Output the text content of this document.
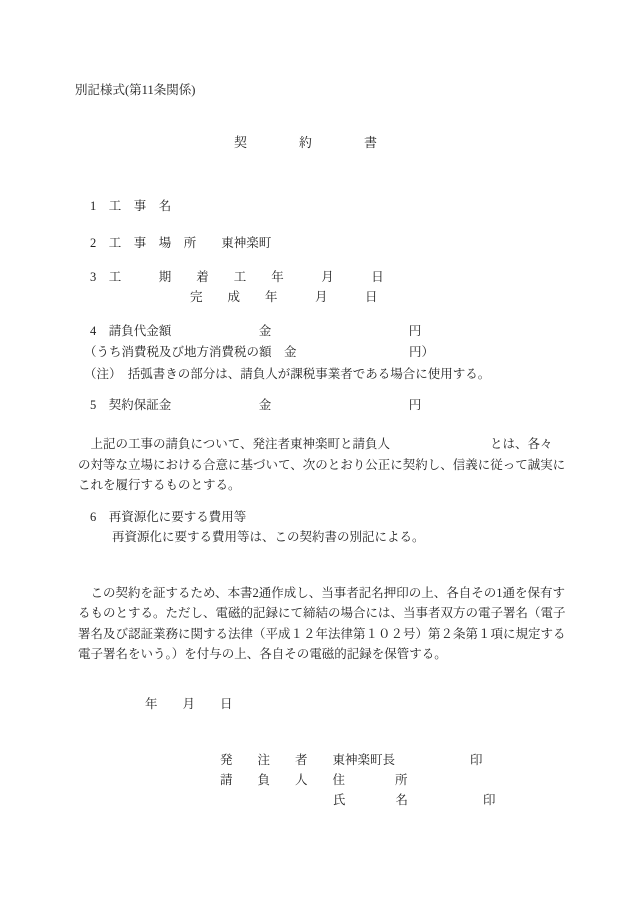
別記様式(第11条関係)
契　　　　約　　　　書
1　工　事　名
2　工　事　場　所　　東神楽町
3　工　　　期　　着　　工　　年　　　月　　　日
　　　　　　　　完　　成　　年　　　月　　　日
4　請負代金額　　　　　　　金　　　　　　　　　　　円
（うち消費税及び地方消費税の額　金　　　　　　　　　円）
（注）　括弧書きの部分は、請負人が課税事業者である場合に使用する。
5　契約保証金　　　　　　　金　　　　　　　　　　　円
　上記の工事の請負について、発注者東神楽町と請負人　　　　　　　　とは、各々
の対等な立場における合意に基づいて、次のとおり公正に契約し、信義に従って誠実に
これを履行するものとする。
6　再資源化に要する費用等
再資源化に要する費用等は、この契約書の別記による。
　この契約を証するため、本書2通作成し、当事者記名押印の上、各自その1通を保有す
るものとする。ただし、電磁的記録にて締結の場合には、当事者双方の電子署名（電子
署名及び認証業務に関する法律（平成１２年法律第１０２号）第２条第１項に規定する
電子署名をいう。）を付与の上、各自その電磁的記録を保管する。
年　　月　　日
発　　注　　者　　東神楽町長　　　　　　印
請　　負　　人　　住　　　　所
氏　　　　名　　　　　　印
